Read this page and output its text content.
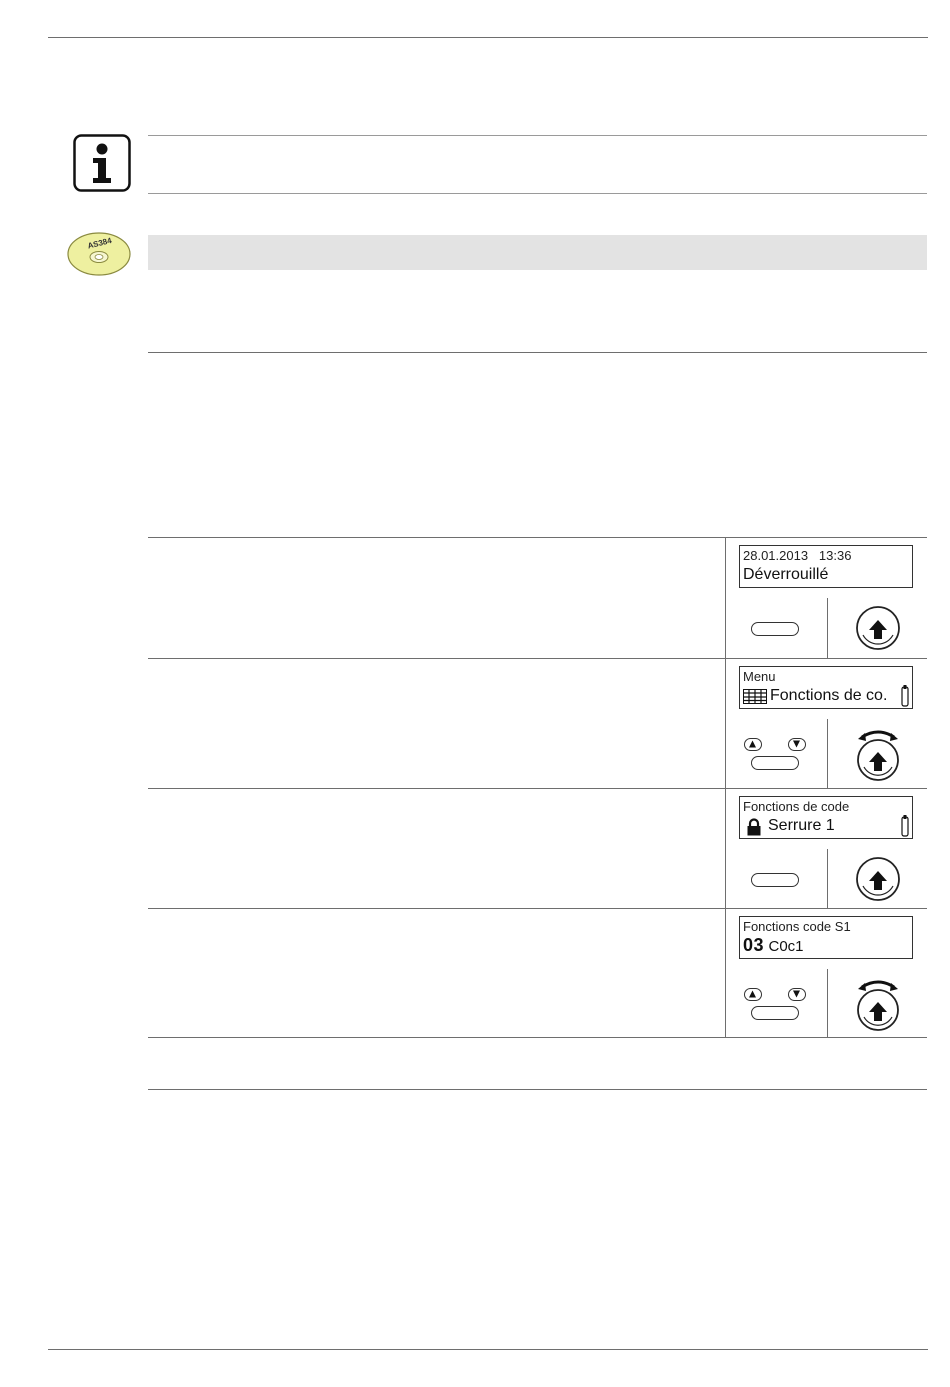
AS384
28.01.2013   13:36
Déverrouillé
Menu
Fonctions de co.
Fonctions de code
Serrure 1
Fonctions code S1
03 C0c1
